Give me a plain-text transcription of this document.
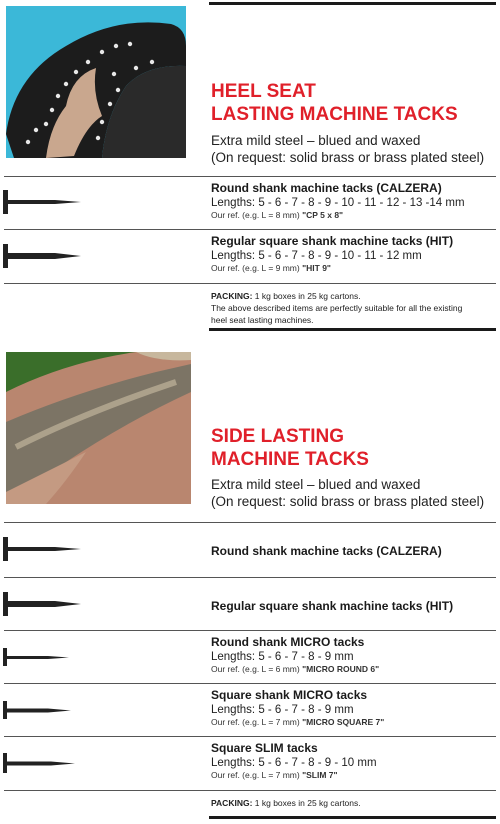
HEEL SEAT
LASTING MACHINE TACKS
Extra mild steel – blued and waxed
(On request: solid brass or brass plated steel)
Round shank machine tacks (CALZERA)
Lengths: 5 - 6 - 7 - 8 - 9 - 10 - 11 - 12 - 13 -14 mm
Our ref. (e.g. L = 8 mm) "CP 5 x 8"
Regular square shank machine tacks (HIT)
Lengths: 5 - 6 - 7 - 8 - 9 - 10 - 11 - 12 mm
Our ref. (e.g. L = 9 mm) "HIT 9"
PACKING: 1 kg boxes in 25 kg cartons.
The above described items are perfectly suitable for all the existing
heel seat lasting machines.
SIDE LASTING
MACHINE TACKS
Extra mild steel – blued and waxed
(On request: solid brass or brass plated steel)
Round shank machine tacks (CALZERA)
Regular square shank machine tacks (HIT)
Round shank MICRO tacks
Lengths: 5 - 6 - 7 - 8 - 9 mm
Our ref. (e.g. L = 6 mm) "MICRO ROUND 6"
Square shank MICRO tacks
Lengths: 5 - 6 - 7 - 8 - 9 mm
Our ref. (e.g. L = 7 mm) "MICRO SQUARE 7"
Square SLIM tacks
Lengths: 5 - 6 - 7 - 8 - 9 - 10 mm
Our ref. (e.g. L = 7 mm) "SLIM 7"
PACKING: 1 kg boxes in 25 kg cartons.
